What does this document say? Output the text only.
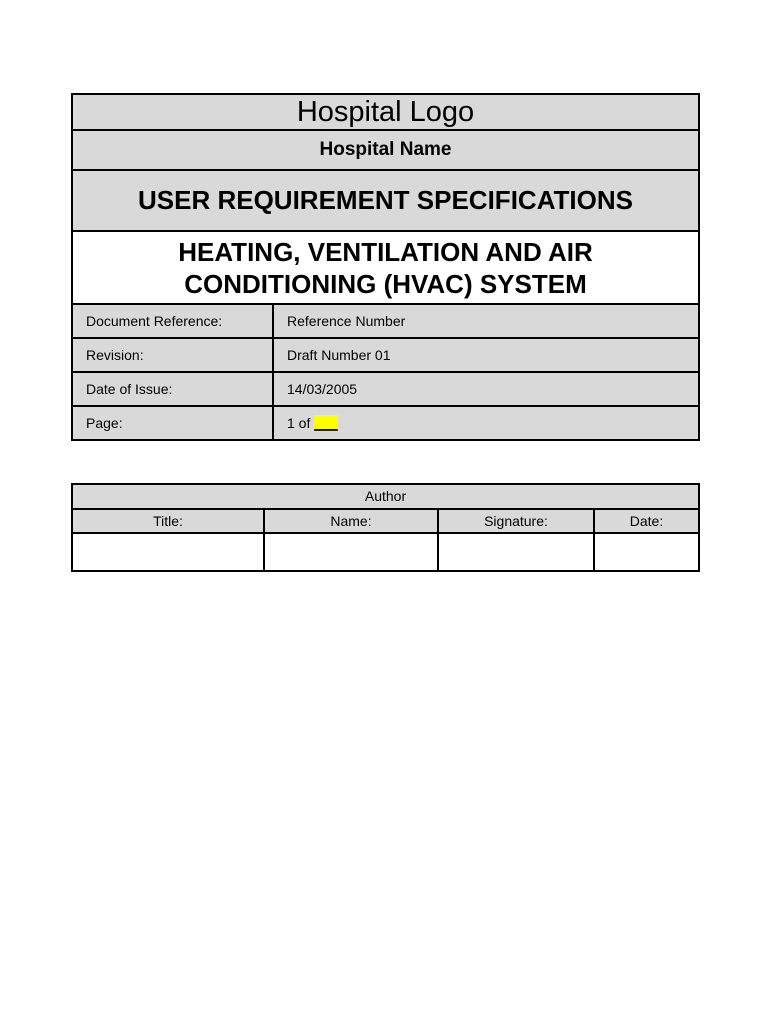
Hospital Logo	
Hospital Name	
USER REQUIREMENT SPECIFICATIONS	

HEATING, VENTILATION AND AIR
CONDITIONING (HVAC) SYSTEM	

Document Reference:	Reference Number
Revision:	Draft Number 01
Date of Issue:	14/03/2005
Page:	1 of ___
Author			
Title:	Name:	Signature:	Date:
